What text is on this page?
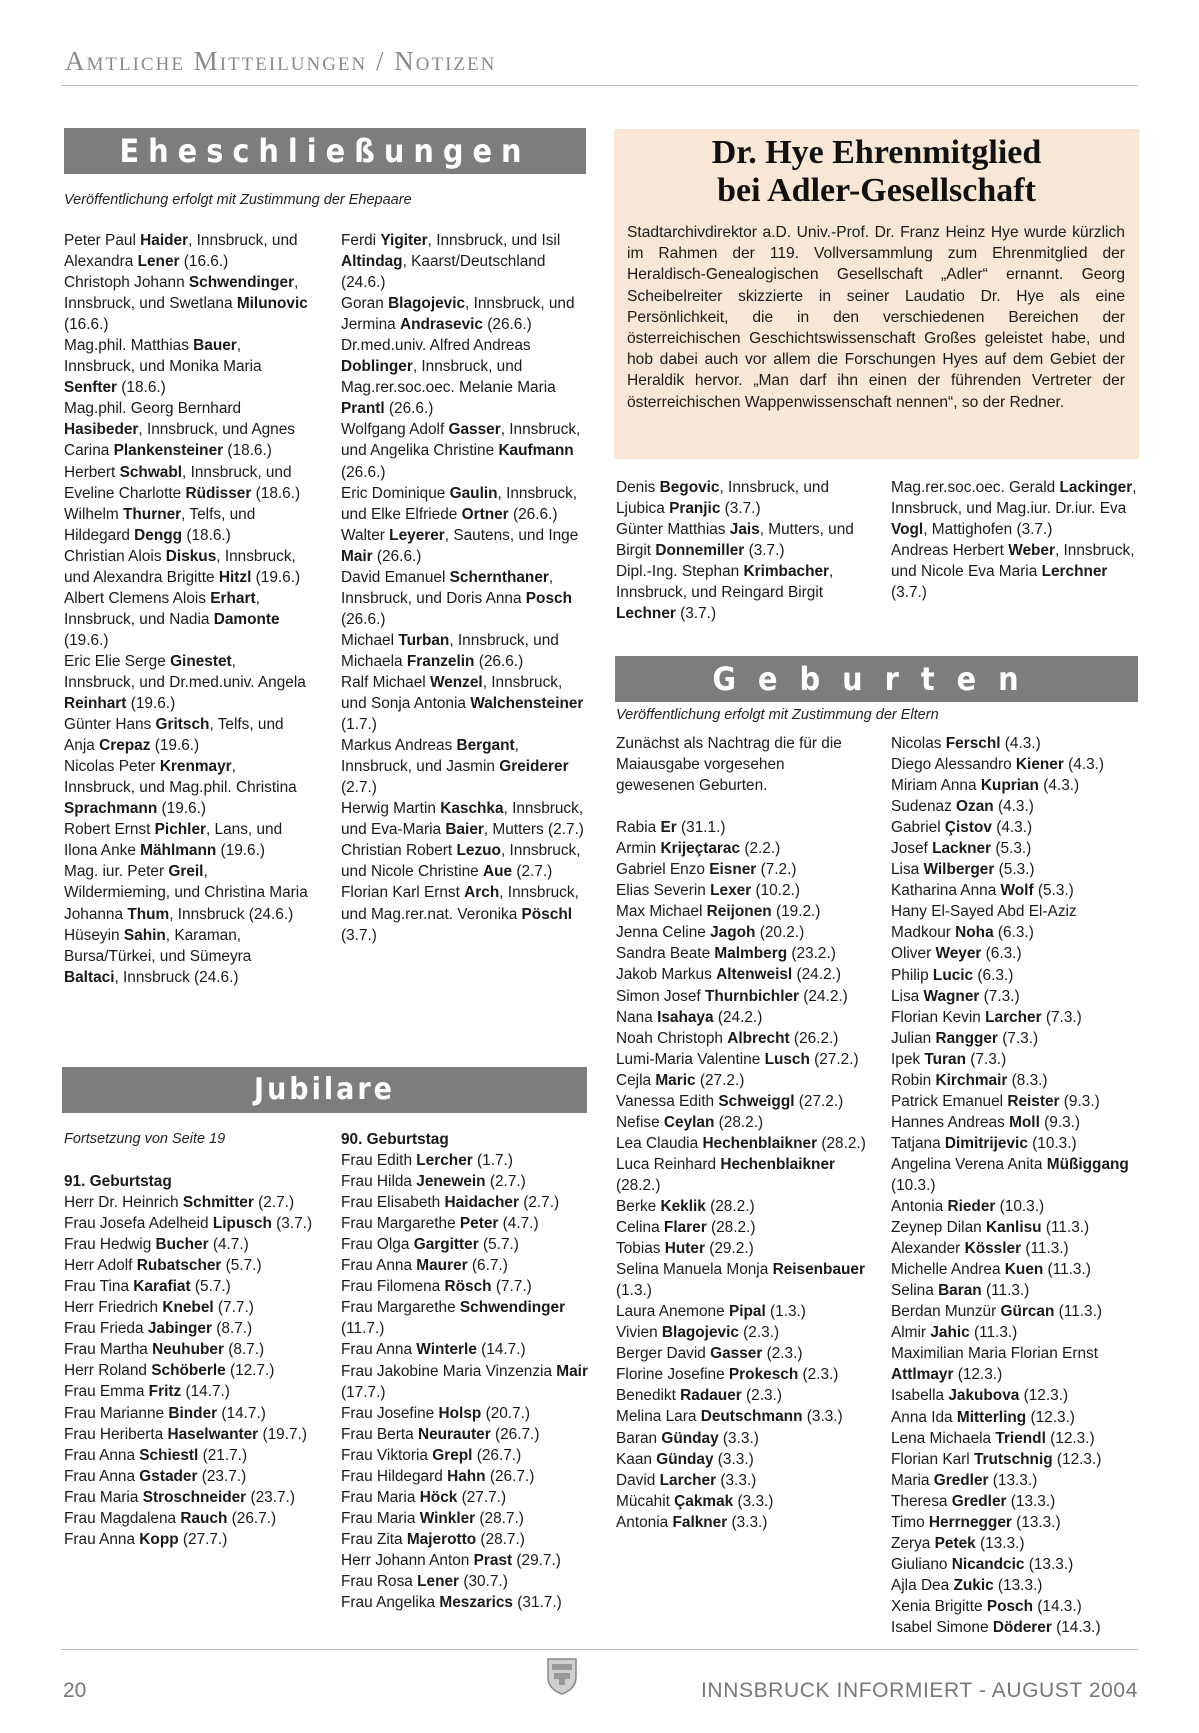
Amtliche Mitteilungen / Notizen
Eheschließungen
Veröffentlichung erfolgt mit Zustimmung der Ehepaare
Peter Paul Haider, Innsbruck, und Alexandra Lener (16.6.)
Christoph Johann Schwendinger, Innsbruck, und Swetlana Milunovic (16.6.)
Mag.phil. Matthias Bauer, Innsbruck, und Monika Maria Senfter (18.6.)
Mag.phil. Georg Bernhard Hasibeder, Innsbruck, und Agnes Carina Plankensteiner (18.6.)
Herbert Schwabl, Innsbruck, und Eveline Charlotte Rüdisser (18.6.)
Wilhelm Thurner, Telfs, und Hildegard Dengg (18.6.)
Christian Alois Diskus, Innsbruck, und Alexandra Brigitte Hitzl (19.6.)
Albert Clemens Alois Erhart, Innsbruck, und Nadia Damonte (19.6.)
Eric Elie Serge Ginestet, Innsbruck, und Dr.med.univ. Angela Reinhart (19.6.)
Günter Hans Gritsch, Telfs, und Anja Crepaz (19.6.)
Nicolas Peter Krenmayr, Innsbruck, und Mag.phil. Christina Sprachmann (19.6.)
Robert Ernst Pichler, Lans, und Ilona Anke Mählmann (19.6.)
Mag. iur. Peter Greil, Wildermieming, und Christina Maria Johanna Thum, Innsbruck (24.6.)
Hüseyin Sahin, Karaman, Bursa/Türkei, und Sümeyra Baltaci, Innsbruck (24.6.)
Ferdi Yigiter, Innsbruck, und Isil Altindag, Kaarst/Deutschland (24.6.)
Goran Blagojevic, Innsbruck, und Jermina Andrasevic (26.6.)
Dr.med.univ. Alfred Andreas Doblinger, Innsbruck, und Mag.rer.soc.oec. Melanie Maria Prantl (26.6.)
Wolfgang Adolf Gasser, Innsbruck, und Angelika Christine Kaufmann (26.6.)
Eric Dominique Gaulin, Innsbruck, und Elke Elfriede Ortner (26.6.)
Walter Leyerer, Sautens, und Inge Mair (26.6.)
David Emanuel Schernthaner, Innsbruck, und Doris Anna Posch (26.6.)
Michael Turban, Innsbruck, und Michaela Franzelin (26.6.)
Ralf Michael Wenzel, Innsbruck, und Sonja Antonia Walchensteiner (1.7.)
Markus Andreas Bergant, Innsbruck, und Jasmin Greiderer (2.7.)
Herwig Martin Kaschka, Innsbruck, und Eva-Maria Baier, Mutters (2.7.)
Christian Robert Lezuo, Innsbruck, und Nicole Christine Aue (2.7.)
Florian Karl Ernst Arch, Innsbruck, und Mag.rer.nat. Veronika Pöschl (3.7.)
Dr. Hye Ehrenmitglied
bei Adler-Gesellschaft
Stadtarchivdirektor a.D. Univ.-Prof. Dr. Franz Heinz Hye wurde kürzlich im Rahmen der 119. Vollversammlung zum Ehrenmitglied der Heraldisch-Genealogischen Gesellschaft „Adler“ ernannt. Georg Scheibelreiter skizzierte in seiner Laudatio Dr. Hye als eine Persönlichkeit, die in den verschiedenen Bereichen der österreichischen Geschichtswissenschaft Großes geleistet habe, und hob dabei auch vor allem die Forschungen Hyes auf dem Gebiet der Heraldik hervor. „Man darf ihn einen der führenden Vertreter der österreichischen Wappenwissenschaft nennen“, so der Redner.
Denis Begovic, Innsbruck, und Ljubica Pranjic (3.7.)
Günter Matthias Jais, Mutters, und Birgit Donnemiller (3.7.)
Dipl.-Ing. Stephan Krimbacher, Innsbruck, und Reingard Birgit Lechner (3.7.)
Mag.rer.soc.oec. Gerald Lackinger, Innsbruck, und Mag.iur. Dr.iur. Eva Vogl, Mattighofen (3.7.)
Andreas Herbert Weber, Innsbruck, und Nicole Eva Maria Lerchner (3.7.)
Geburten
Veröffentlichung erfolgt mit Zustimmung der Eltern
Zunächst als Nachtrag die für die Maiausgabe vorgesehen gewesenen Geburten.
Rabia Er (31.1.)
Armin Krijeçtarac (2.2.)
Gabriel Enzo Eisner (7.2.)
Elias Severin Lexer (10.2.)
Max Michael Reijonen (19.2.)
Jenna Celine Jagoh (20.2.)
Sandra Beate Malmberg (23.2.)
Jakob Markus Altenweisl (24.2.)
Simon Josef Thurnbichler (24.2.)
Nana Isahaya (24.2.)
Noah Christoph Albrecht (26.2.)
Lumi-Maria Valentine Lusch (27.2.)
Cejla Maric (27.2.)
Vanessa Edith Schweiggl (27.2.)
Nefise Ceylan (28.2.)
Lea Claudia Hechenblaikner (28.2.)
Luca Reinhard Hechenblaikner (28.2.)
Berke Keklik (28.2.)
Celina Flarer (28.2.)
Tobias Huter (29.2.)
Selina Manuela Monja Reisenbauer (1.3.)
Laura Anemone Pipal (1.3.)
Vivien Blagojevic (2.3.)
Berger David Gasser (2.3.)
Florine Josefine Prokesch (2.3.)
Benedikt Radauer (2.3.)
Melina Lara Deutschmann (3.3.)
Baran Günday (3.3.)
Kaan Günday (3.3.)
David Larcher (3.3.)
Mücahit Çakmak (3.3.)
Antonia Falkner (3.3.)
Nicolas Ferschl (4.3.)
Diego Alessandro Kiener (4.3.)
Miriam Anna Kuprian (4.3.)
Sudenaz Ozan (4.3.)
Gabriel Çistov (4.3.)
Josef Lackner (5.3.)
Lisa Wilberger (5.3.)
Katharina Anna Wolf (5.3.)
Hany El-Sayed Abd El-Aziz Madkour Noha (6.3.)
Oliver Weyer (6.3.)
Philip Lucic (6.3.)
Lisa Wagner (7.3.)
Florian Kevin Larcher (7.3.)
Julian Rangger (7.3.)
Ipek Turan (7.3.)
Robin Kirchmair (8.3.)
Patrick Emanuel Reister (9.3.)
Hannes Andreas Moll (9.3.)
Tatjana Dimitrijevic (10.3.)
Angelina Verena Anita Müßiggang (10.3.)
Antonia Rieder (10.3.)
Zeynep Dilan Kanlisu (11.3.)
Alexander Kössler (11.3.)
Michelle Andrea Kuen (11.3.)
Selina Baran (11.3.)
Berdan Munzür Gürcan (11.3.)
Almir Jahic (11.3.)
Maximilian Maria Florian Ernst Attlmayr (12.3.)
Isabella Jakubova (12.3.)
Anna Ida Mitterling (12.3.)
Lena Michaela Triendl (12.3.)
Florian Karl Trutschnig (12.3.)
Maria Gredler (13.3.)
Theresa Gredler (13.3.)
Timo Herrnegger (13.3.)
Zerya Petek (13.3.)
Giuliano Nicandcic (13.3.)
Ajla Dea Zukic (13.3.)
Xenia Brigitte Posch (14.3.)
Isabel Simone Döderer (14.3.)
Jubilare
Fortsetzung von Seite 19
91. Geburtstag
Herr Dr. Heinrich Schmitter (2.7.)
Frau Josefa Adelheid Lipusch (3.7.)
Frau Hedwig Bucher (4.7.)
Herr Adolf Rubatscher (5.7.)
Frau Tina Karafiat (5.7.)
Herr Friedrich Knebel (7.7.)
Frau Frieda Jabinger (8.7.)
Frau Martha Neuhuber (8.7.)
Herr Roland Schöberle (12.7.)
Frau Emma Fritz (14.7.)
Frau Marianne Binder (14.7.)
Frau Heriberta Haselwanter (19.7.)
Frau Anna Schiestl (21.7.)
Frau Anna Gstader (23.7.)
Frau Maria Stroschneider (23.7.)
Frau Magdalena Rauch (26.7.)
Frau Anna Kopp (27.7.)
90. Geburtstag
Frau Edith Lercher (1.7.)
Frau Hilda Jenewein (2.7.)
Frau Elisabeth Haidacher (2.7.)
Frau Margarethe Peter (4.7.)
Frau Olga Gargitter (5.7.)
Frau Anna Maurer (6.7.)
Frau Filomena Rösch (7.7.)
Frau Margarethe Schwendinger (11.7.)
Frau Anna Winterle (14.7.)
Frau Jakobine Maria Vinzenzia Mair (17.7.)
Frau Josefine Holsp (20.7.)
Frau Berta Neurauter (26.7.)
Frau Viktoria Grepl (26.7.)
Frau Hildegard Hahn (26.7.)
Frau Maria Höck (27.7.)
Frau Maria Winkler (28.7.)
Frau Zita Majerotto (28.7.)
Herr Johann Anton Prast (29.7.)
Frau Rosa Lener (30.7.)
Frau Angelika Meszarics (31.7.)
20	INNSBRUCK INFORMIERT - AUGUST 2004
